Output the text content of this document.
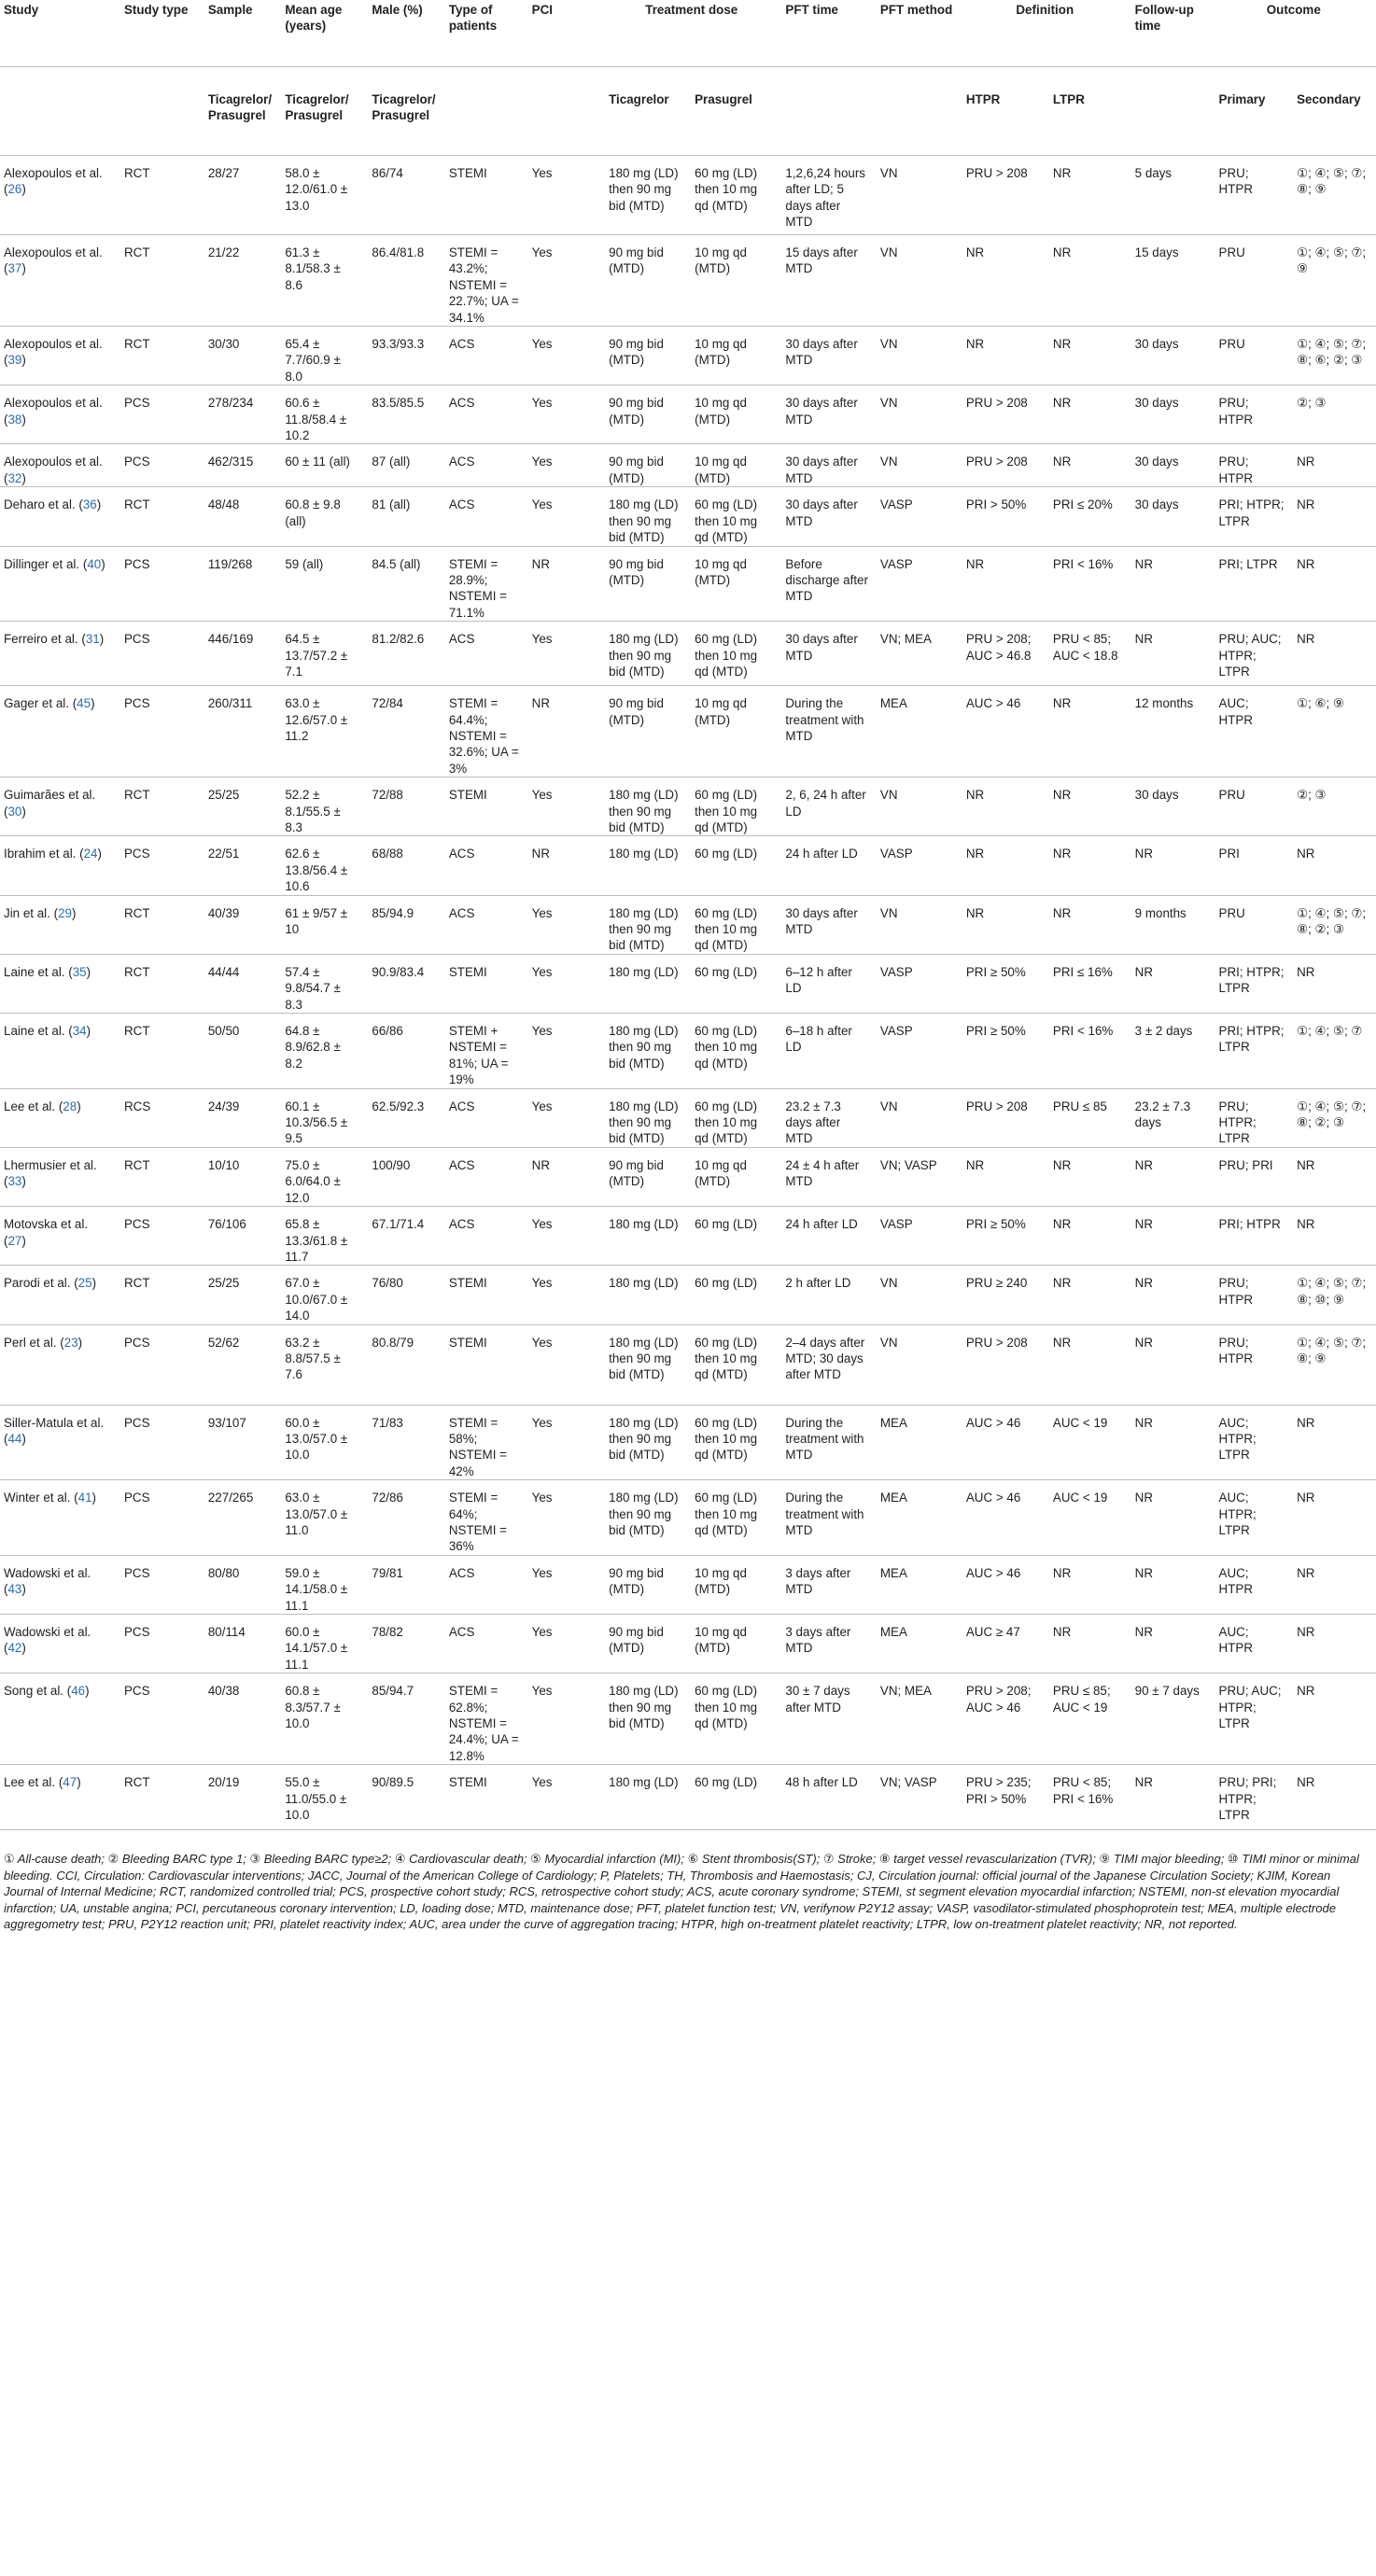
Study	Study type	Sample	Mean age (years)	Male (%)	Type of patients	PCI	Treatment dose		PFT time	PFT method	Definition		Follow-up time	Outcome	
		Ticagrelor/ Prasugrel	Ticagrelor/ Prasugrel	Ticagrelor/ Prasugrel			Ticagrelor	Prasugrel			HTPR	LTPR		Primary	Secondary
Alexopoulos et al. (26)	RCT	28/27	58.0 ± 12.0/61.0 ± 13.0	86/74	STEMI	Yes	180 mg (LD) then 90 mg bid (MTD)	60 mg (LD) then 10 mg qd (MTD)	1,2,6,24 hours after LD; 5 days after MTD	VN	PRU > 208	NR	5 days	PRU; HTPR	①; ④; ⑤; ⑦; ⑧; ⑨
Alexopoulos et al. (37)	RCT	21/22	61.3 ± 8.1/58.3 ± 8.6	86.4/81.8	STEMI = 43.2%; NSTEMI = 22.7%; UA = 34.1%	Yes	90 mg bid (MTD)	10 mg qd (MTD)	15 days after MTD	VN	NR	NR	15 days	PRU	①; ④; ⑤; ⑦; ⑨
Alexopoulos et al. (39)	RCT	30/30	65.4 ± 7.7/60.9 ± 8.0	93.3/93.3	ACS	Yes	90 mg bid (MTD)	10 mg qd (MTD)	30 days after MTD	VN	NR	NR	30 days	PRU	①; ④; ⑤; ⑦; ⑧; ⑥; ②; ③
Alexopoulos et al. (38)	PCS	278/234	60.6 ± 11.8/58.4 ± 10.2	83.5/85.5	ACS	Yes	90 mg bid (MTD)	10 mg qd (MTD)	30 days after MTD	VN	PRU > 208	NR	30 days	PRU; HTPR	②; ③
Alexopoulos et al. (32)	PCS	462/315	60 ± 11 (all)	87 (all)	ACS	Yes	90 mg bid (MTD)	10 mg qd (MTD)	30 days after MTD	VN	PRU > 208	NR	30 days	PRU; HTPR	NR
Deharo et al. (36)	RCT	48/48	60.8 ± 9.8 (all)	81 (all)	ACS	Yes	180 mg (LD) then 90 mg bid (MTD)	60 mg (LD) then 10 mg qd (MTD)	30 days after MTD	VASP	PRI > 50%	PRI ≤ 20%	30 days	PRI; HTPR; LTPR	NR
Dillinger et al. (40)	PCS	119/268	59 (all)	84.5 (all)	STEMI = 28.9%; NSTEMI = 71.1%	NR	90 mg bid (MTD)	10 mg qd (MTD)	Before discharge after MTD	VASP	NR	PRI < 16%	NR	PRI; LTPR	NR
Ferreiro et al. (31)	PCS	446/169	64.5 ± 13.7/57.2 ± 7.1	81.2/82.6	ACS	Yes	180 mg (LD) then 90 mg bid (MTD)	60 mg (LD) then 10 mg qd (MTD)	30 days after MTD	VN; MEA	PRU > 208; AUC > 46.8	PRU < 85; AUC < 18.8	NR	PRU; AUC; HTPR; LTPR	NR
Gager et al. (45)	PCS	260/311	63.0 ± 12.6/57.0 ± 11.2	72/84	STEMI = 64.4%; NSTEMI = 32.6%; UA = 3%	NR	90 mg bid (MTD)	10 mg qd (MTD)	During the treatment with MTD	MEA	AUC > 46	NR	12 months	AUC; HTPR	①; ⑥; ⑨
Guimarães et al. (30)	RCT	25/25	52.2 ± 8.1/55.5 ± 8.3	72/88	STEMI	Yes	180 mg (LD) then 90 mg bid (MTD)	60 mg (LD) then 10 mg qd (MTD)	2, 6, 24 h after LD	VN	NR	NR	30 days	PRU	②; ③
Ibrahim et al. (24)	PCS	22/51	62.6 ± 13.8/56.4 ± 10.6	68/88	ACS	NR	180 mg (LD)	60 mg (LD)	24 h after LD	VASP	NR	NR	NR	PRI	NR
Jin et al. (29)	RCT	40/39	61 ± 9/57 ± 10	85/94.9	ACS	Yes	180 mg (LD) then 90 mg bid (MTD)	60 mg (LD) then 10 mg qd (MTD)	30 days after MTD	VN	NR	NR	9 months	PRU	①; ④; ⑤; ⑦; ⑧; ②; ③
Laine et al. (35)	RCT	44/44	57.4 ± 9.8/54.7 ± 8.3	90.9/83.4	STEMI	Yes	180 mg (LD)	60 mg (LD)	6–12 h after LD	VASP	PRI ≥ 50%	PRI ≤ 16%	NR	PRI; HTPR; LTPR	NR
Laine et al. (34)	RCT	50/50	64.8 ± 8.9/62.8 ± 8.2	66/86	STEMI + NSTEMI = 81%; UA = 19%	Yes	180 mg (LD) then 90 mg bid (MTD)	60 mg (LD) then 10 mg qd (MTD)	6–18 h after LD	VASP	PRI ≥ 50%	PRI < 16%	3 ± 2 days	PRI; HTPR; LTPR	①; ④; ⑤; ⑦
Lee et al. (28)	RCS	24/39	60.1 ± 10.3/56.5 ± 9.5	62.5/92.3	ACS	Yes	180 mg (LD) then 90 mg bid (MTD)	60 mg (LD) then 10 mg qd (MTD)	23.2 ± 7.3 days after MTD	VN	PRU > 208	PRU ≤ 85	23.2 ± 7.3 days	PRU; HTPR; LTPR	①; ④; ⑤; ⑦; ⑧; ②; ③
Lhermusier et al. (33)	RCT	10/10	75.0 ± 6.0/64.0 ± 12.0	100/90	ACS	NR	90 mg bid (MTD)	10 mg qd (MTD)	24 ± 4 h after MTD	VN; VASP	NR	NR	NR	PRU; PRI	NR
Motovska et al. (27)	PCS	76/106	65.8 ± 13.3/61.8 ± 11.7	67.1/71.4	ACS	Yes	180 mg (LD)	60 mg (LD)	24 h after LD	VASP	PRI ≥ 50%	NR	NR	PRI; HTPR	NR
Parodi et al. (25)	RCT	25/25	67.0 ± 10.0/67.0 ± 14.0	76/80	STEMI	Yes	180 mg (LD)	60 mg (LD)	2 h after LD	VN	PRU ≥ 240	NR	NR	PRU; HTPR	①; ④; ⑤; ⑦; ⑧; ⑩; ⑨
Perl et al. (23)	PCS	52/62	63.2 ± 8.8/57.5 ± 7.6	80.8/79	STEMI	Yes	180 mg (LD) then 90 mg bid (MTD)	60 mg (LD) then 10 mg qd (MTD)	2–4 days after MTD; 30 days after MTD	VN	PRU > 208	NR	NR	PRU; HTPR	①; ④; ⑤; ⑦; ⑧; ⑨
Siller-Matula et al. (44)	PCS	93/107	60.0 ± 13.0/57.0 ± 10.0	71/83	STEMI = 58%; NSTEMI = 42%	Yes	180 mg (LD) then 90 mg bid (MTD)	60 mg (LD) then 10 mg qd (MTD)	During the treatment with MTD	MEA	AUC > 46	AUC < 19	NR	AUC; HTPR; LTPR	NR
Winter et al. (41)	PCS	227/265	63.0 ± 13.0/57.0 ± 11.0	72/86	STEMI = 64%; NSTEMI = 36%	Yes	180 mg (LD) then 90 mg bid (MTD)	60 mg (LD) then 10 mg qd (MTD)	During the treatment with MTD	MEA	AUC > 46	AUC < 19	NR	AUC; HTPR; LTPR	NR
Wadowski et al. (43)	PCS	80/80	59.0 ± 14.1/58.0 ± 11.1	79/81	ACS	Yes	90 mg bid (MTD)	10 mg qd (MTD)	3 days after MTD	MEA	AUC > 46	NR	NR	AUC; HTPR	NR
Wadowski et al. (42)	PCS	80/114	60.0 ± 14.1/57.0 ± 11.1	78/82	ACS	Yes	90 mg bid (MTD)	10 mg qd (MTD)	3 days after MTD	MEA	AUC ≥ 47	NR	NR	AUC; HTPR	NR
Song et al. (46)	PCS	40/38	60.8 ± 8.3/57.7 ± 10.0	85/94.7	STEMI = 62.8%; NSTEMI = 24.4%; UA = 12.8%	Yes	180 mg (LD) then 90 mg bid (MTD)	60 mg (LD) then 10 mg qd (MTD)	30 ± 7 days after MTD	VN; MEA	PRU > 208; AUC > 46	PRU ≤ 85; AUC < 19	90 ± 7 days	PRU; AUC; HTPR; LTPR	NR
Lee et al. (47)	RCT	20/19	55.0 ± 11.0/55.0 ± 10.0	90/89.5	STEMI	Yes	180 mg (LD)	60 mg (LD)	48 h after LD	VN; VASP	PRU > 235; PRI > 50%	PRU < 85; PRI < 16%	NR	PRU; PRI; HTPR; LTPR	NR
① All-cause death; ② Bleeding BARC type 1; ③ Bleeding BARC type≥2; ④ Cardiovascular death; ⑤ Myocardial infarction (MI); ⑥ Stent thrombosis(ST); ⑦ Stroke; ⑧ target vessel revascularization (TVR); ⑨ TIMI major bleeding; ⑩ TIMI minor or minimal bleeding. CCI, Circulation: Cardiovascular interventions; JACC, Journal of the American College of Cardiology; P, Platelets; TH, Thrombosis and Haemostasis; CJ, Circulation journal: official journal of the Japanese Circulation Society; KJIM, Korean Journal of Internal Medicine; RCT, randomized controlled trial; PCS, prospective cohort study; RCS, retrospective cohort study; ACS, acute coronary syndrome; STEMI, st segment elevation myocardial infarction; NSTEMI, non-st elevation myocardial infarction; UA, unstable angina; PCI, percutaneous coronary intervention; LD, loading dose; MTD, maintenance dose; PFT, platelet function test; VN, verifynow P2Y12 assay; VASP, vasodilator-stimulated phosphoprotein test; MEA, multiple electrode aggregometry test; PRU, P2Y12 reaction unit; PRI, platelet reactivity index; AUC, area under the curve of aggregation tracing; HTPR, high on-treatment platelet reactivity; LTPR, low on-treatment platelet reactivity; NR, not reported.
